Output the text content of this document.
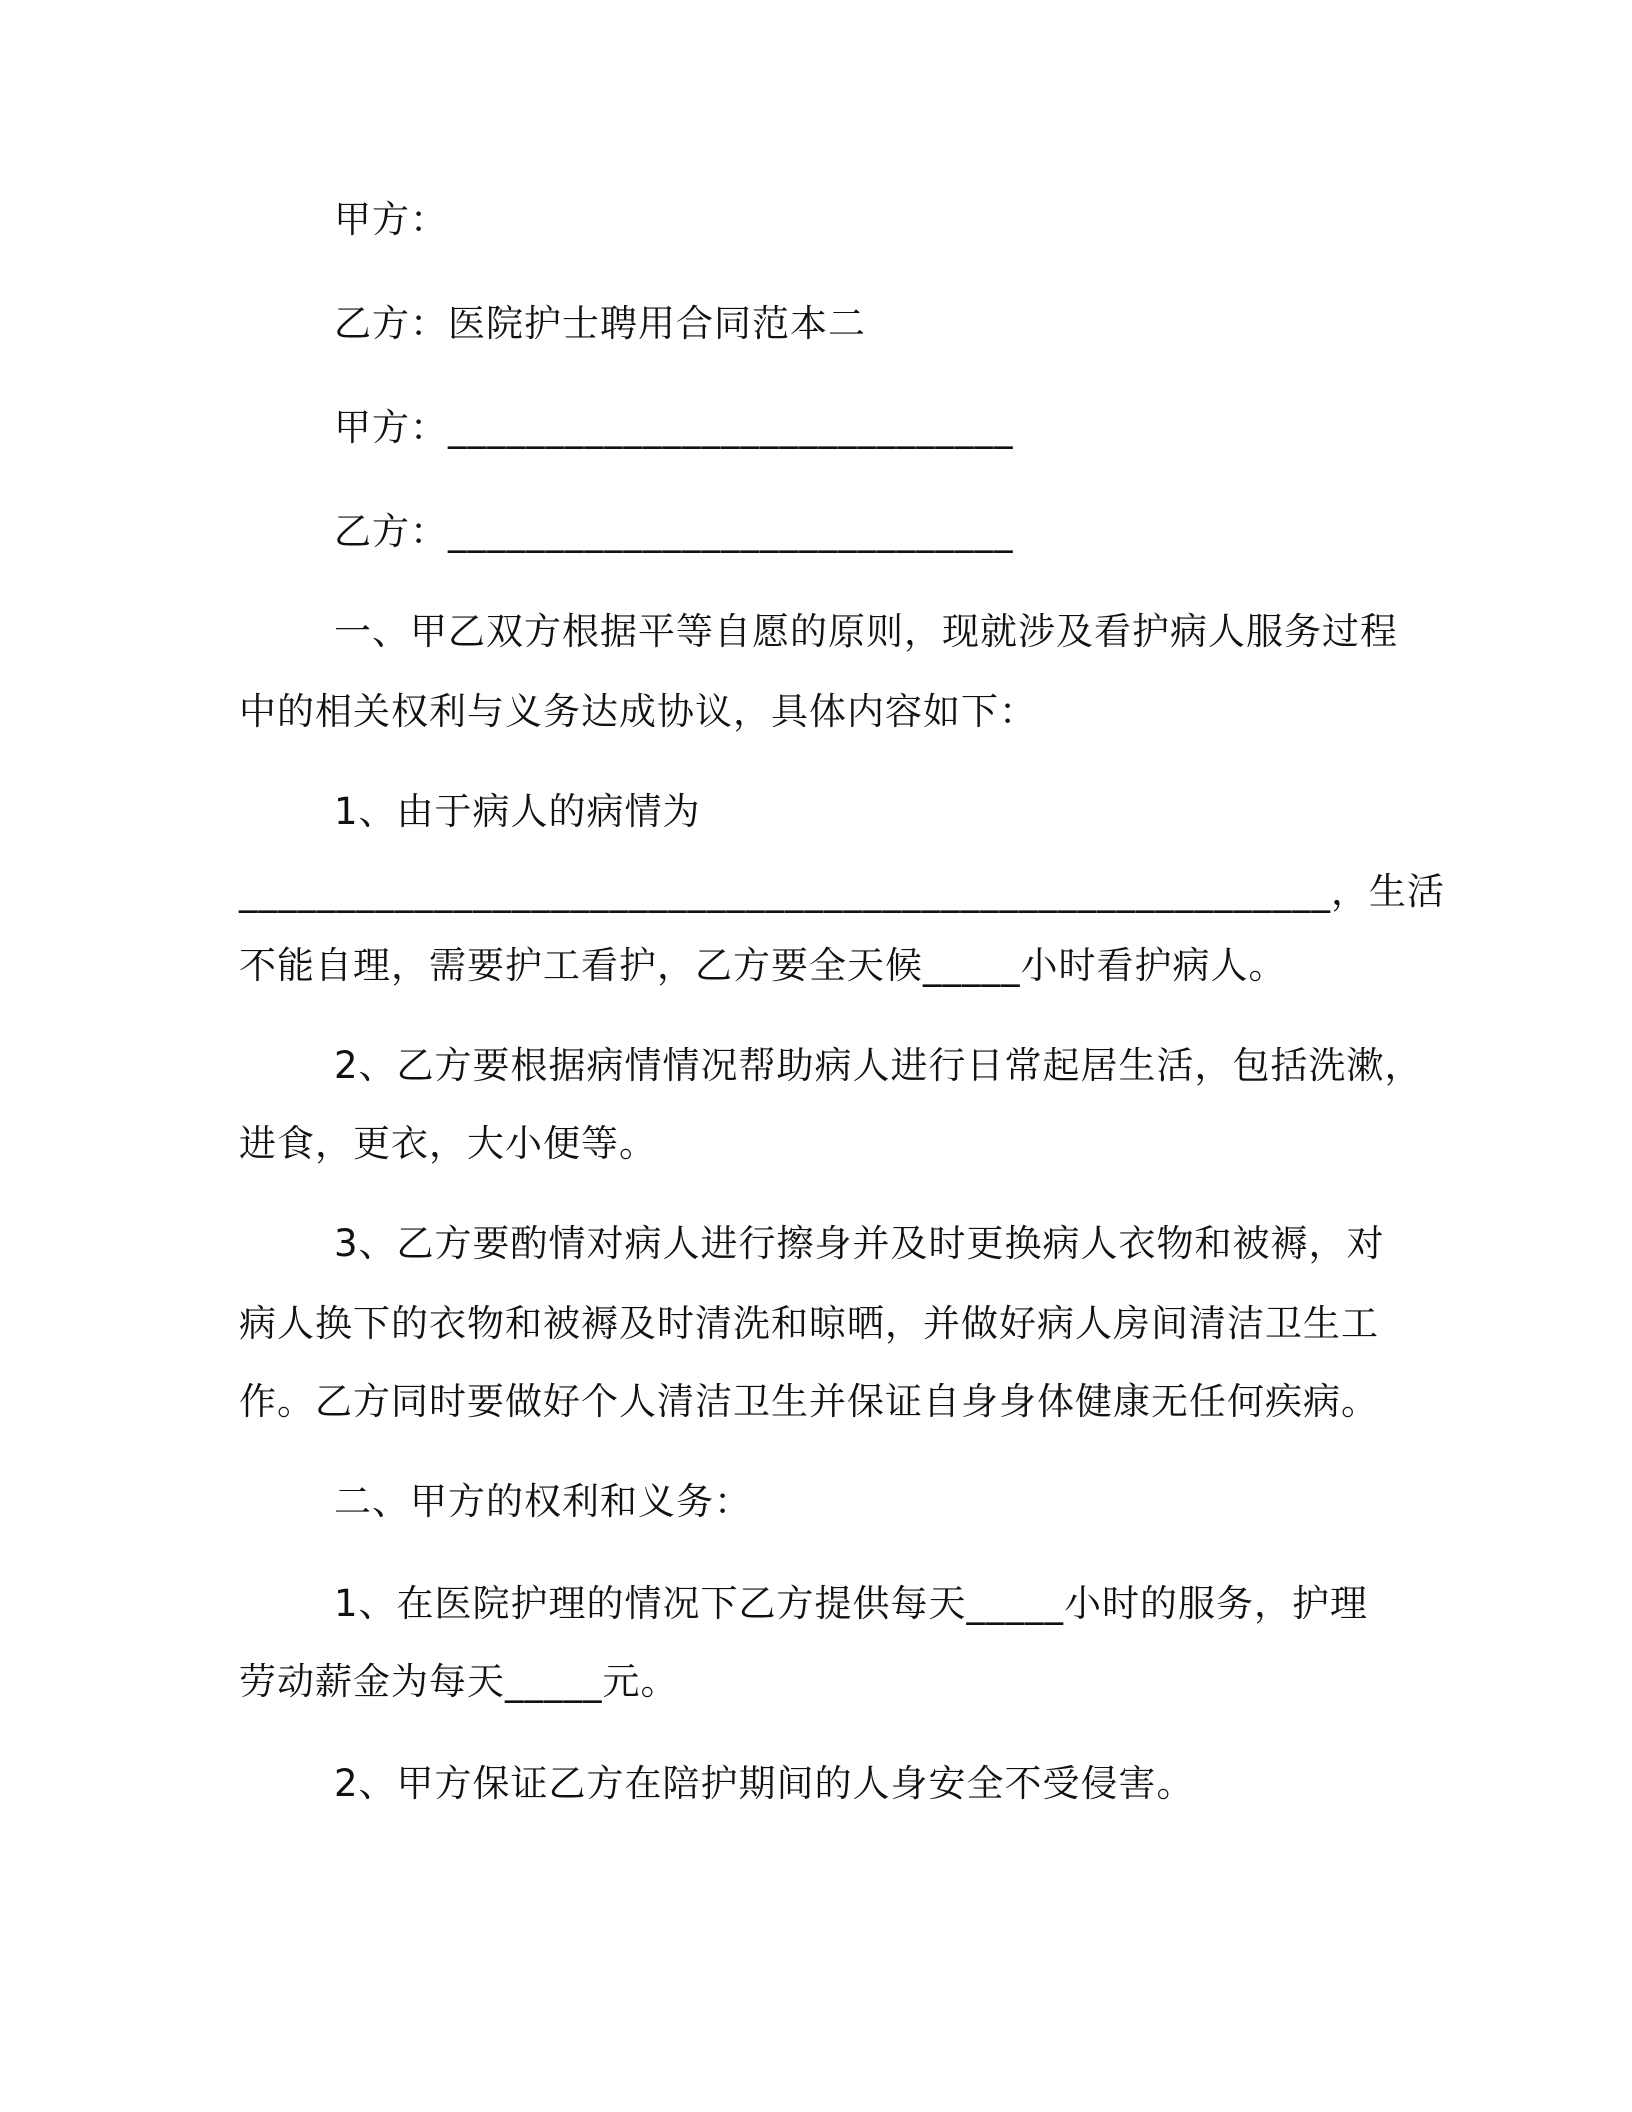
甲方：
乙方：医院护士聘用合同范本二
甲方：_____________________________
乙方：_____________________________
一、甲乙双方根据平等自愿的原则，现就涉及看护病人服务过程
中的相关权利与义务达成协议，具体内容如下：
1、由于病人的病情为
________________________________________________________，生活
不能自理，需要护工看护，乙方要全天候_____小时看护病人。
2、乙方要根据病情情况帮助病人进行日常起居生活，包括洗漱，
进食，更衣，大小便等。
3、乙方要酌情对病人进行擦身并及时更换病人衣物和被褥，对
病人换下的衣物和被褥及时清洗和晾晒，并做好病人房间清洁卫生工
作。乙方同时要做好个人清洁卫生并保证自身身体健康无任何疾病。
二、甲方的权利和义务：
1、在医院护理的情况下乙方提供每天_____小时的服务，护理
劳动薪金为每天_____元。
2、甲方保证乙方在陪护期间的人身安全不受侵害。
